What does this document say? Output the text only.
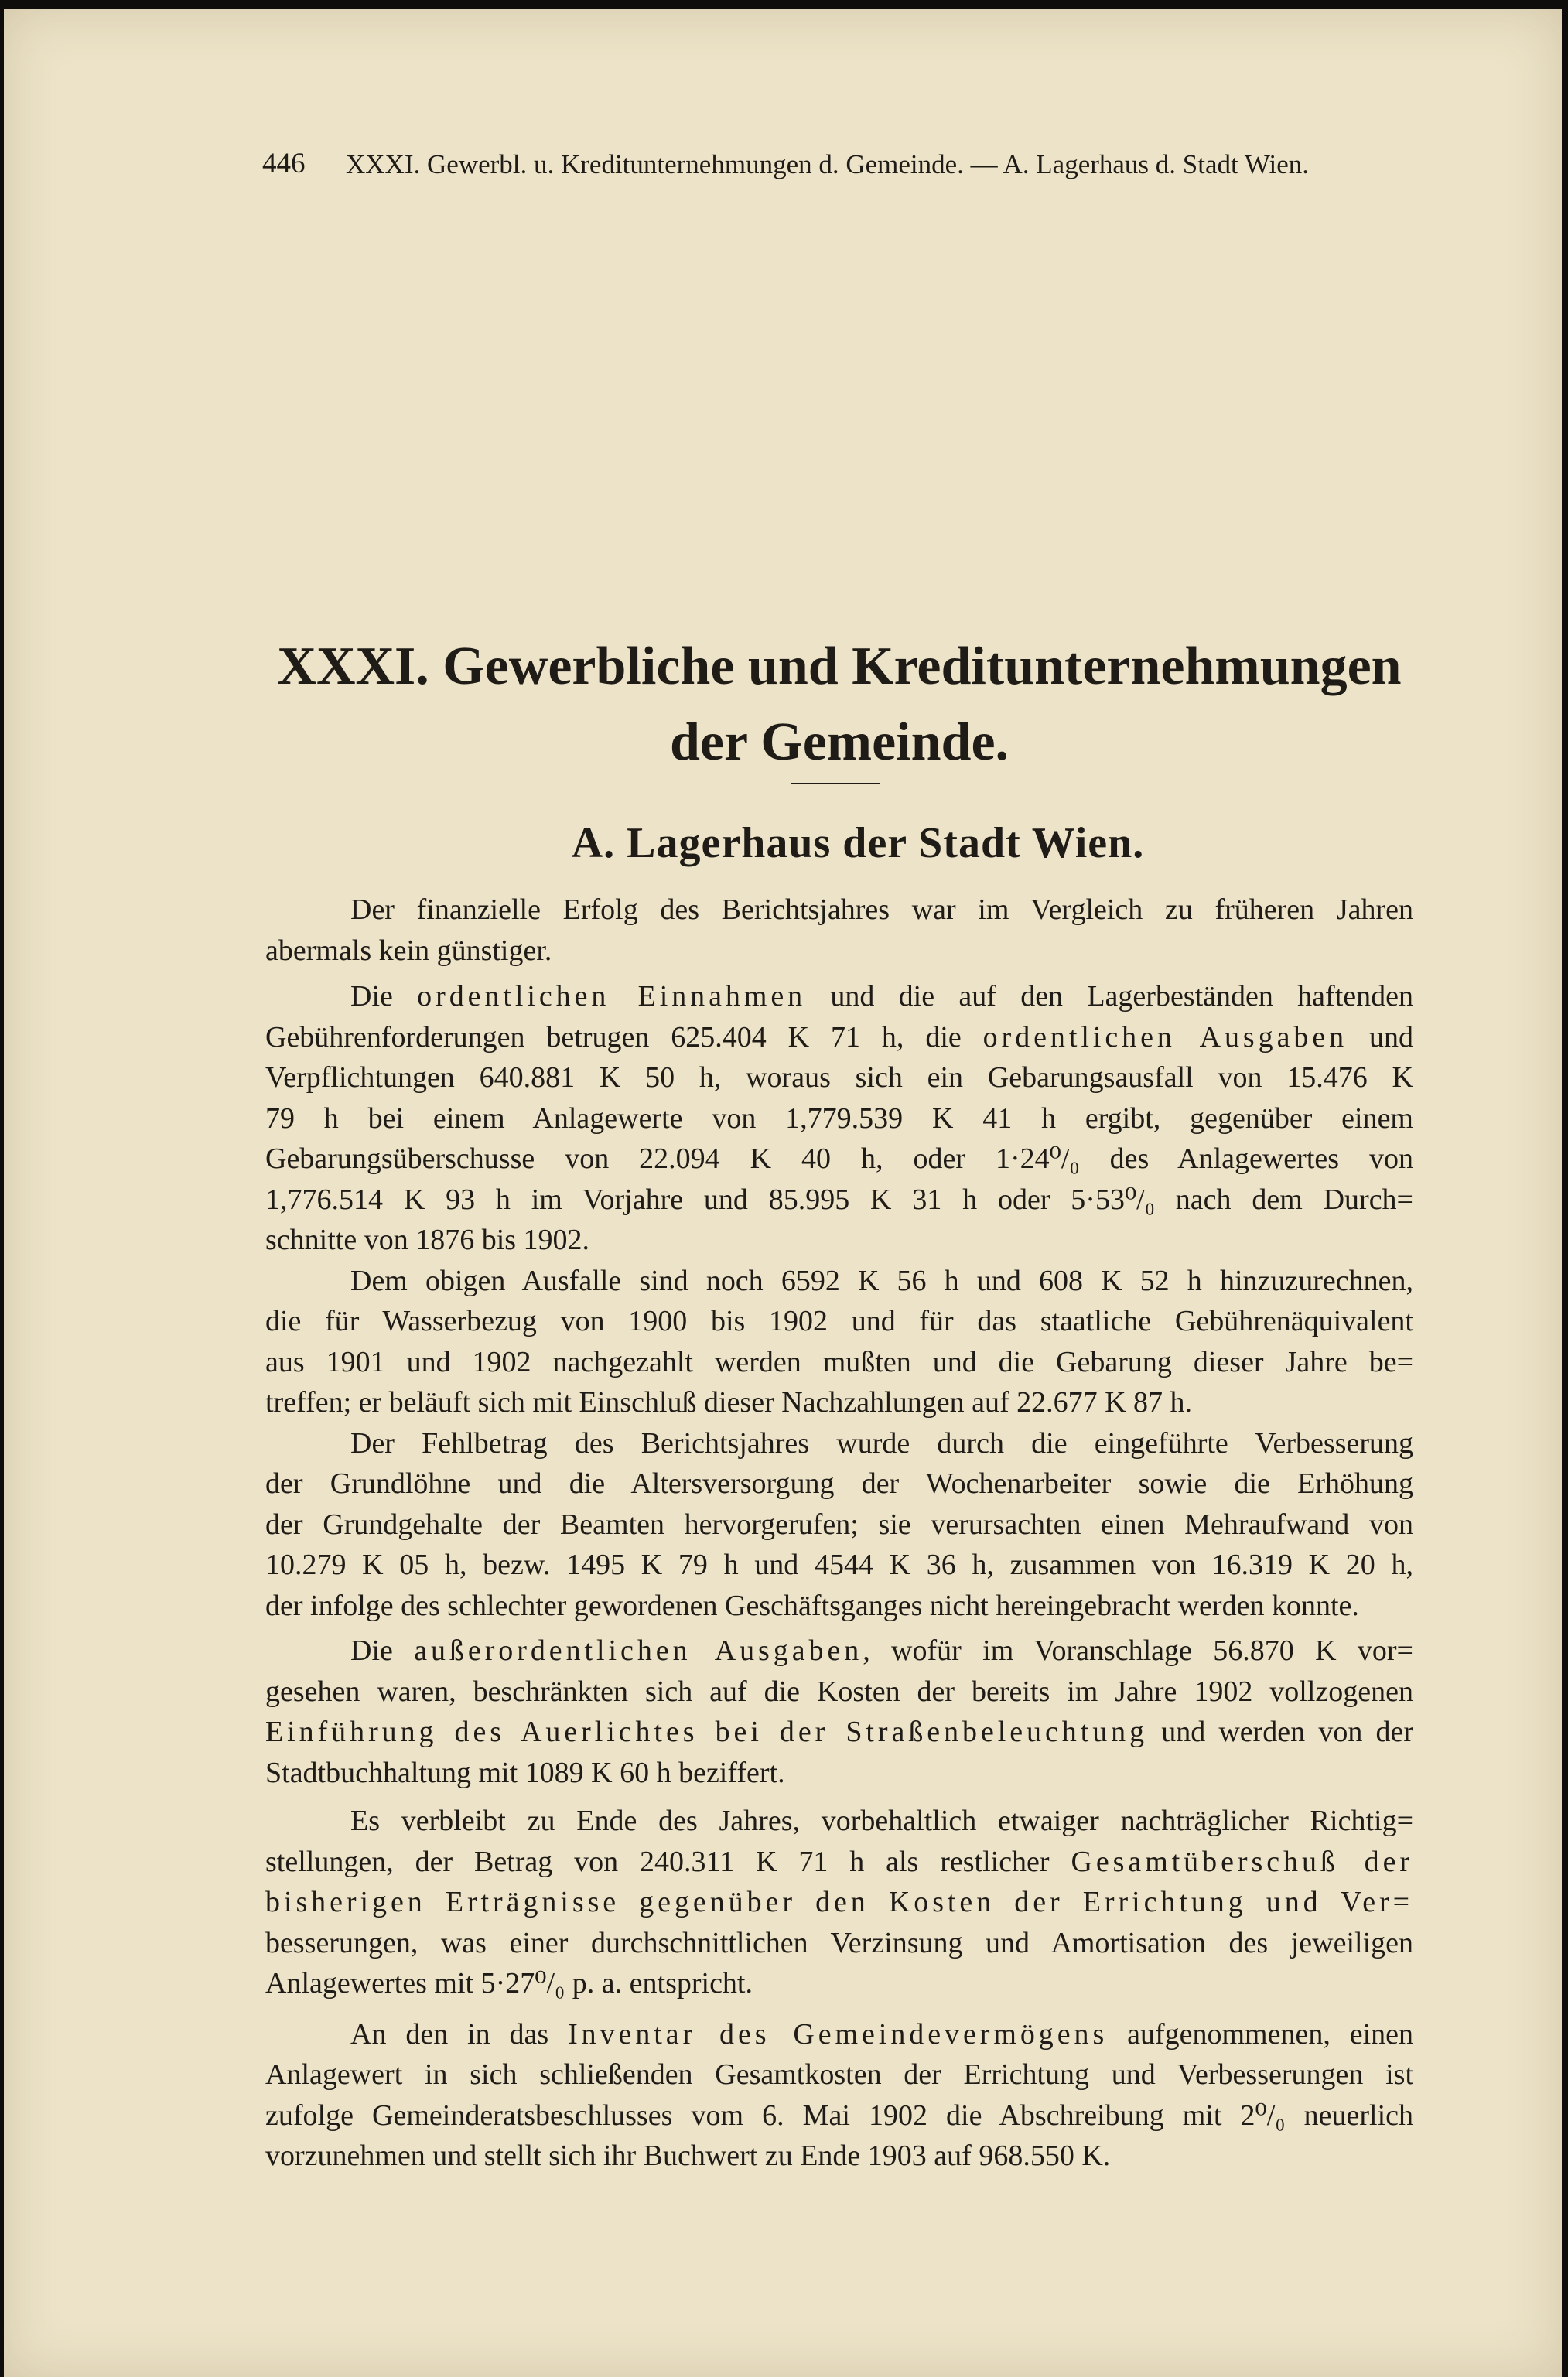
446 XXXI. Gewerbl. u. Kreditunternehmungen d. Gemeinde. — A. Lagerhaus d. Stadt Wien.
XXXI. Gewerbliche und Kreditunternehmungen
der Gemeinde.
A. Lagerhaus der Stadt Wien.
Der finanzielle Erfolg des Berichtsjahres war im Vergleich zu früheren Jahren
abermals kein günstiger.
Die ordentlichen Einnahmen und die auf den Lagerbeständen haftenden
Gebührenforderungen betrugen 625.404 K 71 h, die ordentlichen Ausgaben und
Verpflichtungen 640.881 K 50 h, woraus sich ein Gebarungsausfall von 15.476 K
79 h bei einem Anlagewerte von 1,779.539 K 41 h ergibt, gegenüber einem
Gebarungsüberschusse von 22.094 K 40 h, oder 1·24⁰/₀ des Anlagewertes von
1,776.514 K 93 h im Vorjahre und 85.995 K 31 h oder 5·53⁰/₀ nach dem Durch=
schnitte von 1876 bis 1902.
Dem obigen Ausfalle sind noch 6592 K 56 h und 608 K 52 h hinzuzurechnen,
die für Wasserbezug von 1900 bis 1902 und für das staatliche Gebührenäquivalent
aus 1901 und 1902 nachgezahlt werden mußten und die Gebarung dieser Jahre be=
treffen; er beläuft sich mit Einschluß dieser Nachzahlungen auf 22.677 K 87 h.
Der Fehlbetrag des Berichtsjahres wurde durch die eingeführte Verbesserung
der Grundlöhne und die Altersversorgung der Wochenarbeiter sowie die Erhöhung
der Grundgehalte der Beamten hervorgerufen; sie verursachten einen Mehraufwand von
10.279 K 05 h, bezw. 1495 K 79 h und 4544 K 36 h, zusammen von 16.319 K 20 h,
der infolge des schlechter gewordenen Geschäftsganges nicht hereingebracht werden konnte.
Die außerordentlichen Ausgaben, wofür im Voranschlage 56.870 K vor=
gesehen waren, beschränkten sich auf die Kosten der bereits im Jahre 1902 vollzogenen
Einführung des Auerlichtes bei der Straßenbeleuchtung und werden von der
Stadtbuchhaltung mit 1089 K 60 h beziffert.
Es verbleibt zu Ende des Jahres, vorbehaltlich etwaiger nachträglicher Richtig=
stellungen, der Betrag von 240.311 K 71 h als restlicher Gesamtüberschuß der
bisherigen Erträgnisse gegenüber den Kosten der Errichtung und Ver=
besserungen, was einer durchschnittlichen Verzinsung und Amortisation des jeweiligen
Anlagewertes mit 5·27⁰/₀ p. a. entspricht.
An den in das Inventar des Gemeindevermögens aufgenommenen, einen
Anlagewert in sich schließenden Gesamtkosten der Errichtung und Verbesserungen ist
zufolge Gemeinderatsbeschlusses vom 6. Mai 1902 die Abschreibung mit 2⁰/₀ neuerlich
vorzunehmen und stellt sich ihr Buchwert zu Ende 1903 auf 968.550 K.
